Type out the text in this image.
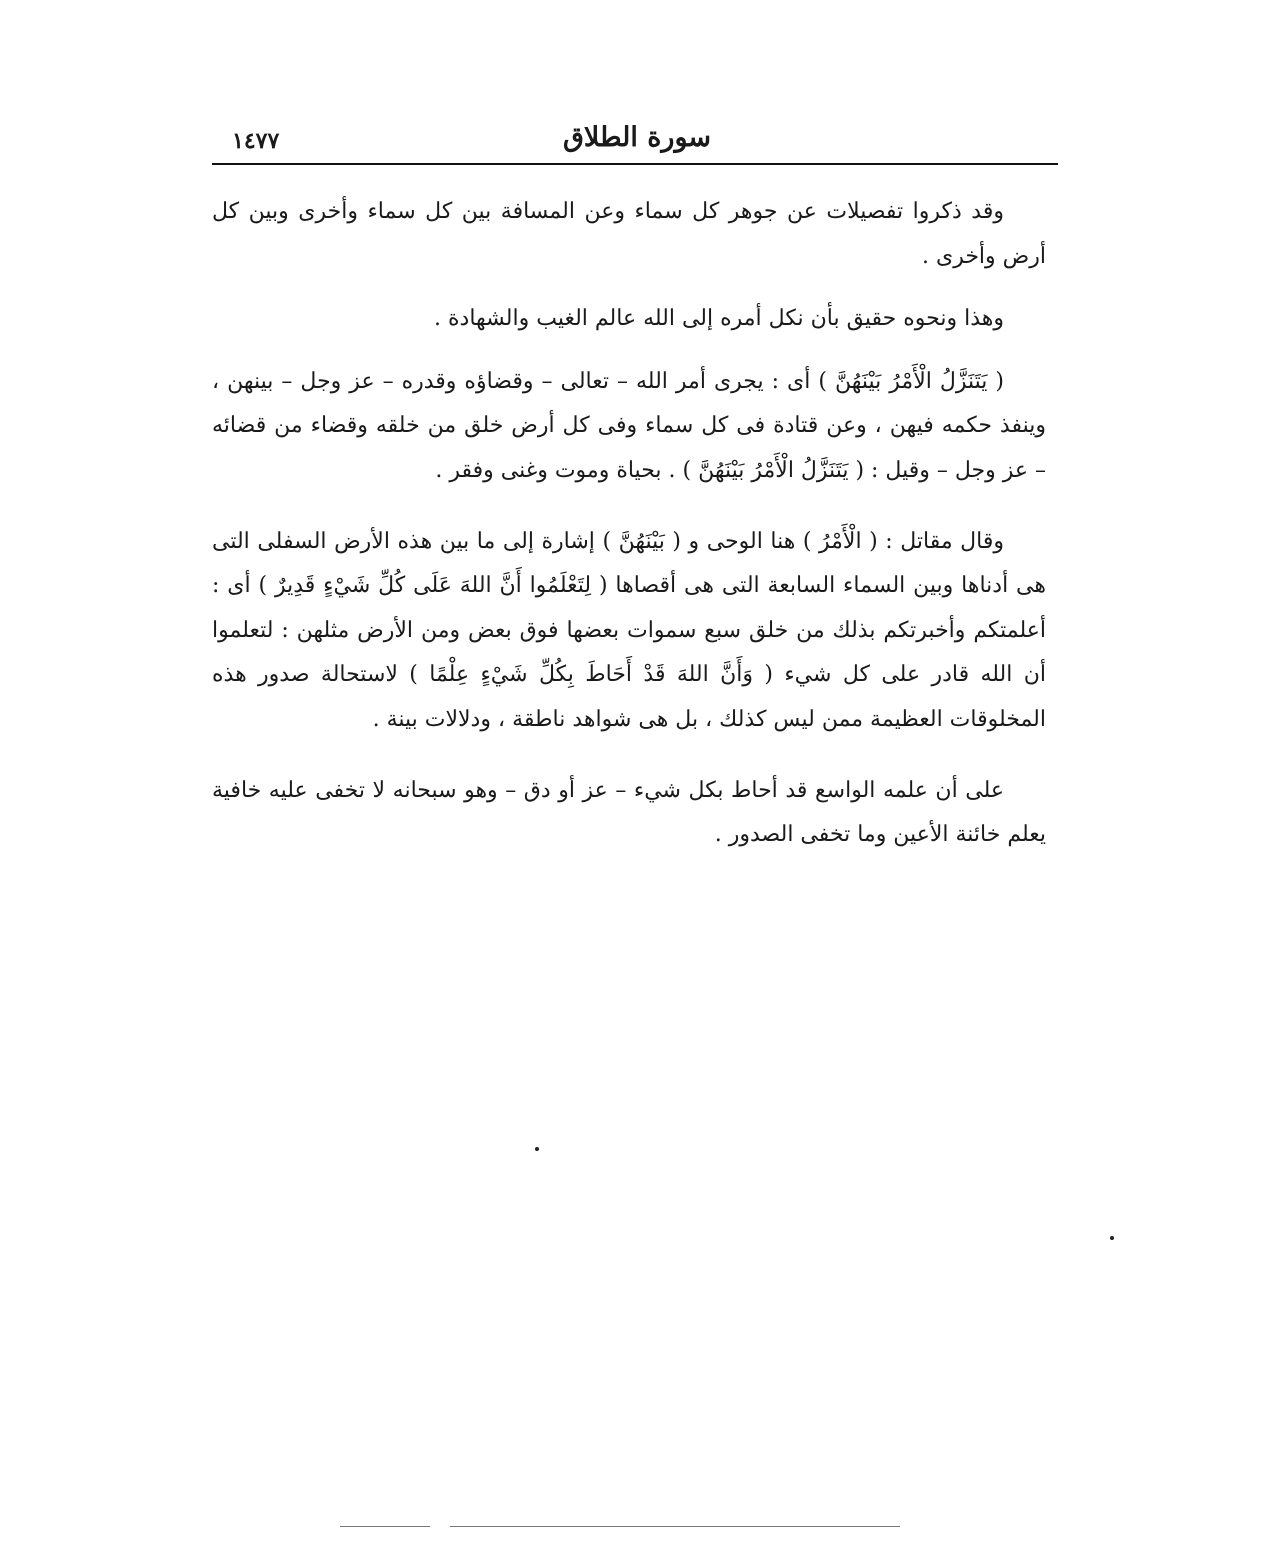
سورة الطلاق
١٤٧٧

وقد ذكروا تفصيلات عن جوهر كل سماء وعن المسافة بين كل سماء وأخرى وبين كل أرض وأخرى .

وهذا ونحوه حقيق بأن نكل أمره إلى الله عالم الغيب والشهادة .

( يَتَنَزَّلُ الْأَمْرُ بَيْنَهُنَّ ) أى : يجرى أمر الله – تعالى – وقضاؤه وقدره – عز وجل – بينهن ، وينفذ حكمه فيهن ، وعن قتادة فى كل سماء وفى كل أرض خلق من خلقه وقضاء من قضائه – عز وجل – وقيل : ( يَتَنَزَّلُ الْأَمْرُ بَيْنَهُنَّ ) . بحياة وموت وغنى وفقر .

وقال مقاتل : ( الْأَمْرُ ) هنا الوحى و ( بَيْنَهُنَّ ) إشارة إلى ما بين هذه الأرض السفلى التى هى أدناها وبين السماء السابعة التى هى أقصاها ( لِتَعْلَمُوا أَنَّ اللهَ عَلَى كُلِّ شَيْءٍ قَدِيرٌ ) أى : أعلمتكم وأخبرتكم بذلك من خلق سبع سموات بعضها فوق بعض ومن الأرض مثلهن : لتعلموا أن الله قادر على كل شيء ( وَأَنَّ اللهَ قَدْ أَحَاطَ بِكُلِّ شَيْءٍ عِلْمًا ) لاستحالة صدور هذه المخلوقات العظيمة ممن ليس كذلك ، بل هى شواهد ناطقة ، ودلالات بينة .

على أن علمه الواسع قد أحاط بكل شيء – عز أو دق – وهو سبحانه لا تخفى عليه خافية يعلم خائنة الأعين وما تخفى الصدور .
